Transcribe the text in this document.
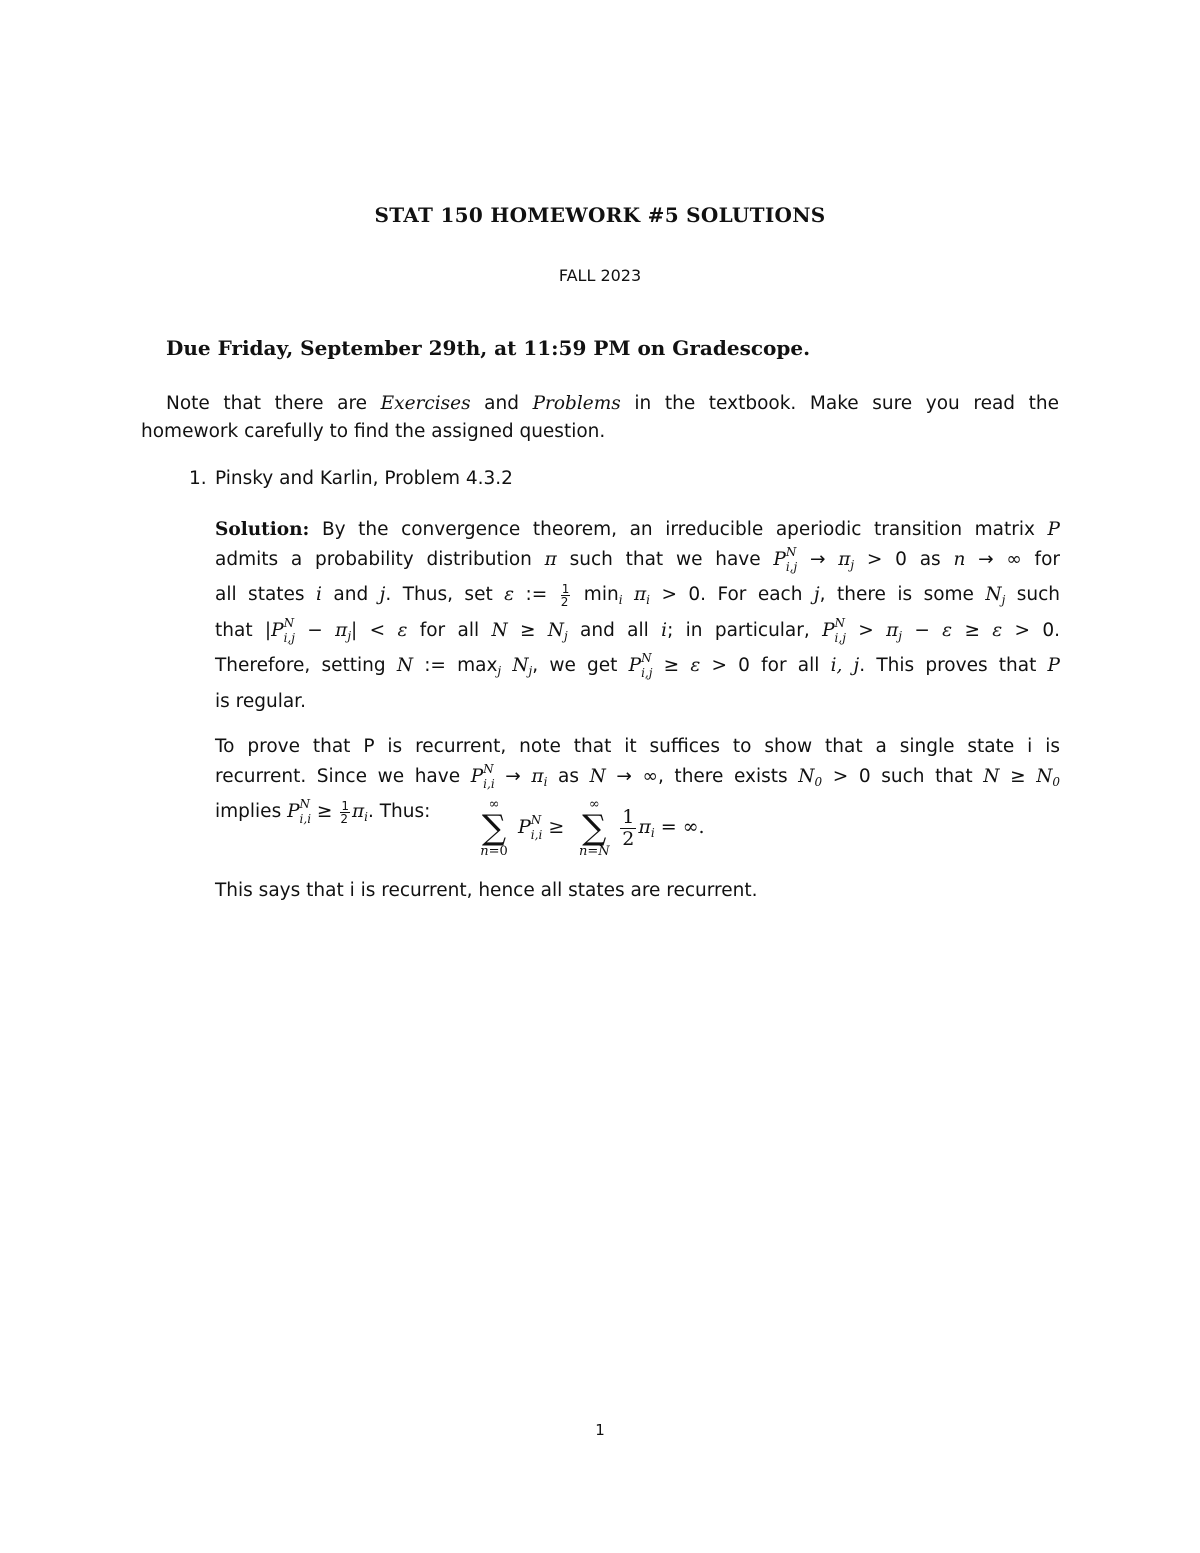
STAT 150 HOMEWORK #5 SOLUTIONS
FALL 2023
Due Friday, September 29th, at 11:59 PM on Gradescope.
Note that there are Exercises and Problems in the textbook. Make sure you read the
homework carefully to find the assigned question.
1. Pinsky and Karlin, Problem 4.3.2

Solution: By the convergence theorem, an irreducible aperiodic transition matrix P
admits a probability distribution π such that we have P N
$i,j \to \pi_j > 0$ as n → ∞ for
all states i and j. Thus, set ε := $\frac{1}{2} \min_i \pi_i > 0$. For each j, there is some $N_j$ such
that |P N
$i,j - \pi_j| < \varepsilon$ for all $N \ge N_j$ and all i; in particular, P N
$i,j > \pi_j - \varepsilon \ge \varepsilon > 0$.
Therefore, setting N := $\max_j N_j$, we get P N
i,j ≥ ε > 0 for all i, j. This proves that P
is regular.

To prove that P is recurrent, note that it suffices to show that a single state i is
recurrent. Since we have P N
$i,i \to \pi_i$ as N → ∞, there exists $N_0 > 0$ such that $N \ge N_0$
implies P N
$i,i \ge \frac{1}{2} \pi_i$. Thus:	∞
∑
n=0
P N
i,i ≥
∞
∑
n=N
$\frac{1}{2} \pi_i$ = ∞.
This says that i is recurrent, hence all states are recurrent.
1
